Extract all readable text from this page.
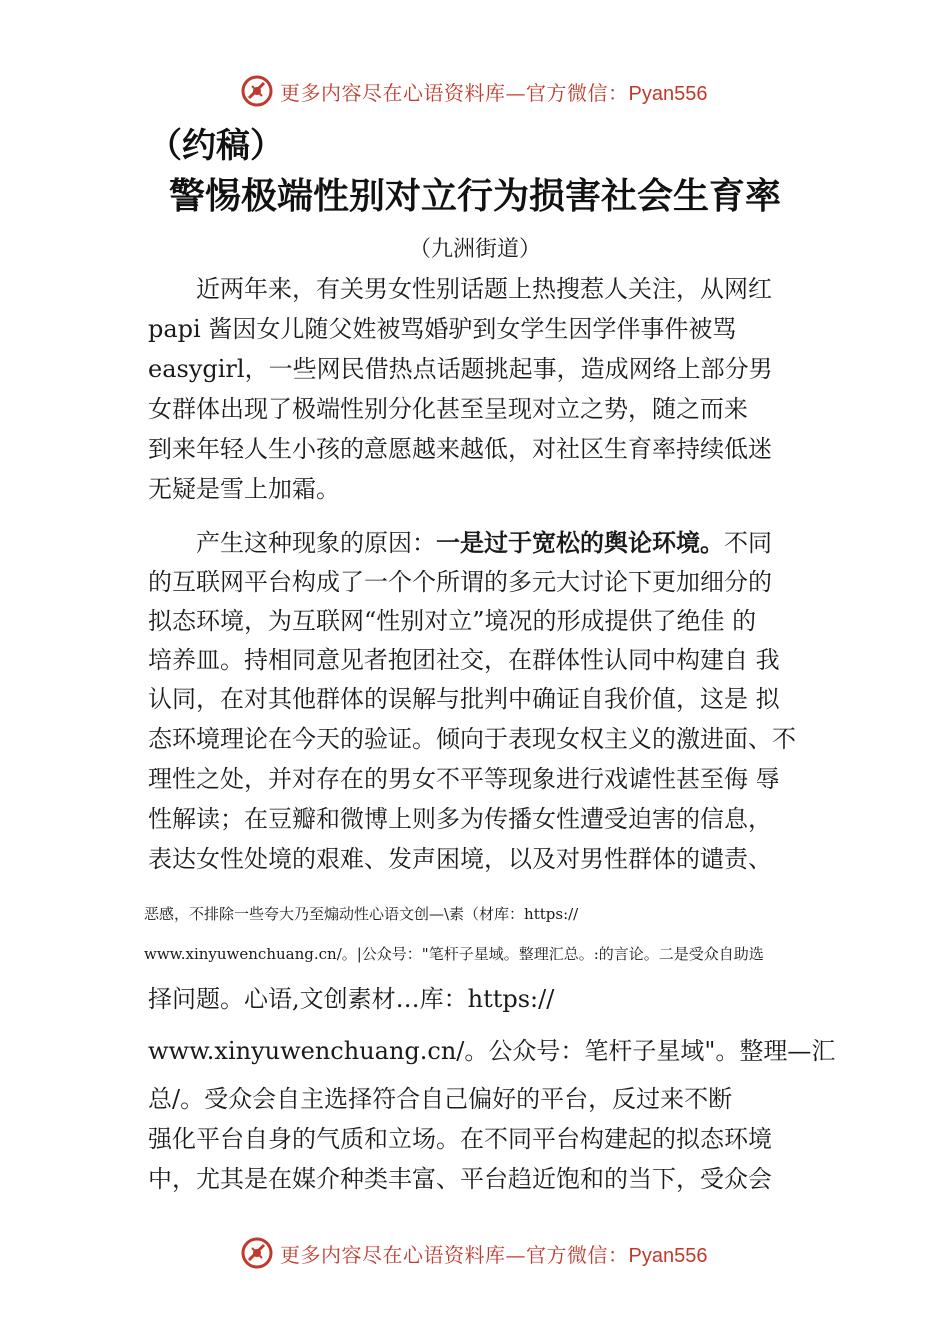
更多内容尽在心语资料库—官方微信：Pyan556
（约稿）
警惕极端性别对立行为损害社会生育率
（九洲街道）
近两年来，有关男女性别话题上热搜惹人关注，从网红
papi 酱因女儿随父姓被骂婚驴到女学生因学伴事件被骂
easygirl，一些网民借热点话题挑起事，造成网络上部分男
女群体出现了极端性别分化甚至呈现对立之势，随之而来
到来年轻人生小孩的意愿越来越低，对社区生育率持续低迷
无疑是雪上加霜。
产生这种现象的原因：一是过于宽松的舆论环境。不同
的互联网平台构成了一个个所谓的多元大讨论下更加细分的
拟态环境，为互联网“性别对立”境况的形成提供了绝佳 的
培养皿。持相同意见者抱团社交，在群体性认同中构建自 我
认同，在对其他群体的误解与批判中确证自我价值，这是 拟
态环境理论在今天的验证。倾向于表现女权主义的激进面、不
理性之处，并对存在的男女不平等现象进行戏谑性甚至侮 辱
性解读；在豆瓣和微博上则多为传播女性遭受迫害的信息，
表达女性处境的艰难、发声困境，以及对男性群体的谴责、
恶感，不排除一些夸大乃至煽动性心语文创—\素（材库：https://
www.xinyuwenchuang.cn/。|公众号："笔杆子星域。整理汇总。:的言论。二是受众自助选
择问题。心语,文创素材…库：https://
www.xinyuwenchuang.cn/。公众号：笔杆子星域"。整理—汇
总/。受众会自主选择符合自己偏好的平台，反过来不断
强化平台自身的气质和立场。在不同平台构建起的拟态环境
中，尤其是在媒介种类丰富、平台趋近饱和的当下，受众会
更多内容尽在心语资料库—官方微信：Pyan556
